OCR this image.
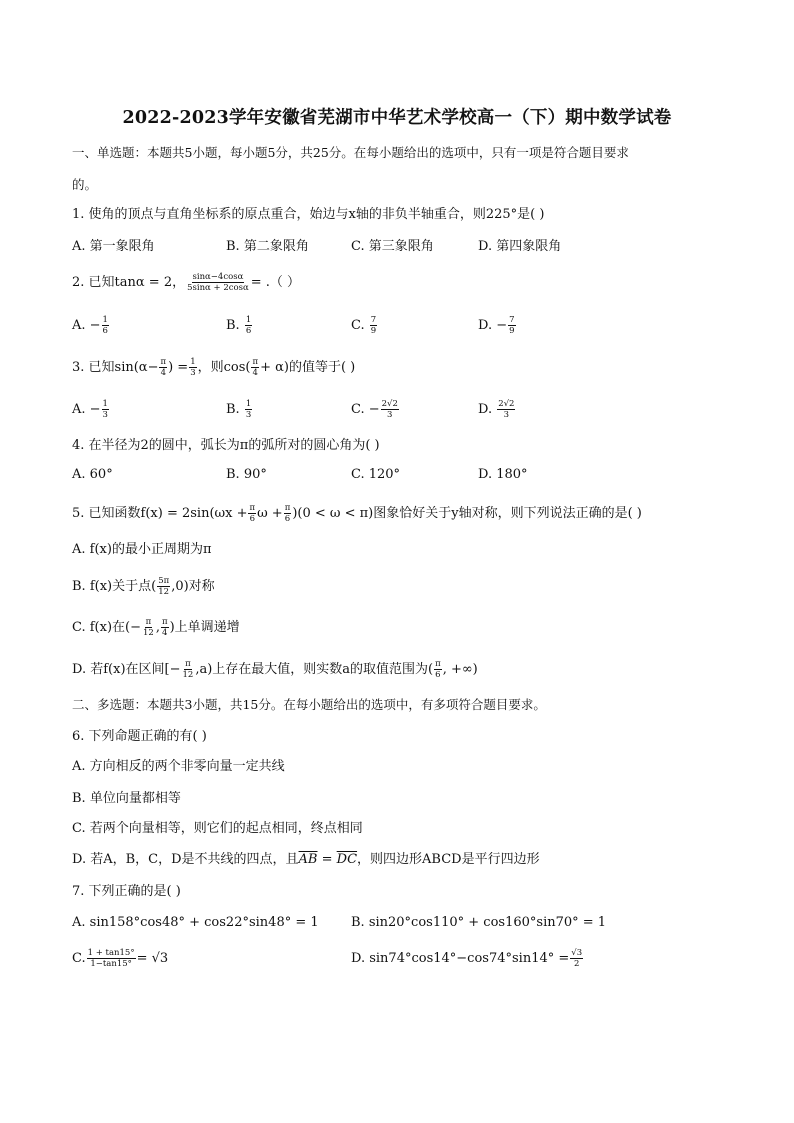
2022-2023学年安徽省芜湖市中华艺术学校高一（下）期中数学试卷
一、单选题：本题共5小题，每小题5分，共25分。在每小题给出的选项中，只有一项是符合题目要求
的。
1. 使角的顶点与直角坐标系的原点重合，始边与x轴的非负半轴重合，则225°是( )
A. 第一象限角	B. 第二象限角	C. 第三象限角	D. 第四象限角
2. 已知tanα = 2， $\frac{\sin\alpha-4\cos\alpha}{5\sin\alpha + 2\cos\alpha}$ = .（ ）
A. − $\frac{1}{6}$	B. $\frac{1}{6}$	C. $\frac{7}{9}$	D. − $\frac{7}{9}$
3. 已知$\sin(\alpha- \frac{\pi}{4}$ ) = $\frac{1}{3}$ ，则$\cos( \frac{\pi}{4} + \alpha)$的值等于( )
A. − $\frac{1}{3}$	B. $\frac{1}{3}$	C. − $\frac{2√2}{3}$	D. $\frac{2√2}{3}$
4. 在半径为2的圆中，弧长为π的弧所对的圆心角为( )
A. 60°	B. 90°	C. 120°	D. 180°
5. 已知函数$f(x) = 2\sin(\omega x + \frac{\pi}{6}$ $\omega + \frac{\pi}{6} )(0 < \omega < \pi)$图象恰好关于y轴对称，则下列说法正确的是( )
A. f(x)的最小正周期为π
B. f(x)关于点( $\frac{5\pi}{12} ,0$)对称
C. f(x)在(− $\frac{\pi}{12}$ , $\frac{\pi}{4}$ )上单调递增
D. 若f(x)在区间[− $\frac{\pi}{12} ,a$)上存在最大值，则实数a的取值范围为( $\frac{\pi}{6}$ , +∞)
二、多选题：本题共3小题，共15分。在每小题给出的选项中，有多项符合题目要求。
6. 下列命题正确的有( )
A. 方向相反的两个非零向量一定共线
B. 单位向量都相等
C. 若两个向量相等，则它们的起点相同，终点相同
D. 若A，B，C，D是不共线的四点，且$\overline{AB} = \overline{DC}$，则四边形ABCD是平行四边形
7. 下列正确的是( )
A. sin158°cos48° + cos22°sin48° = 1 B. sin20°cos110° + cos160°sin70° = 1
C. $\frac{1 + \tan 15^\circ}{1-\tan 15^\circ} = √3$	D. $\sin 74^\circ\cos 14^\circ-\cos 74^\circ\sin 14^\circ = \frac{√3}{2}$
